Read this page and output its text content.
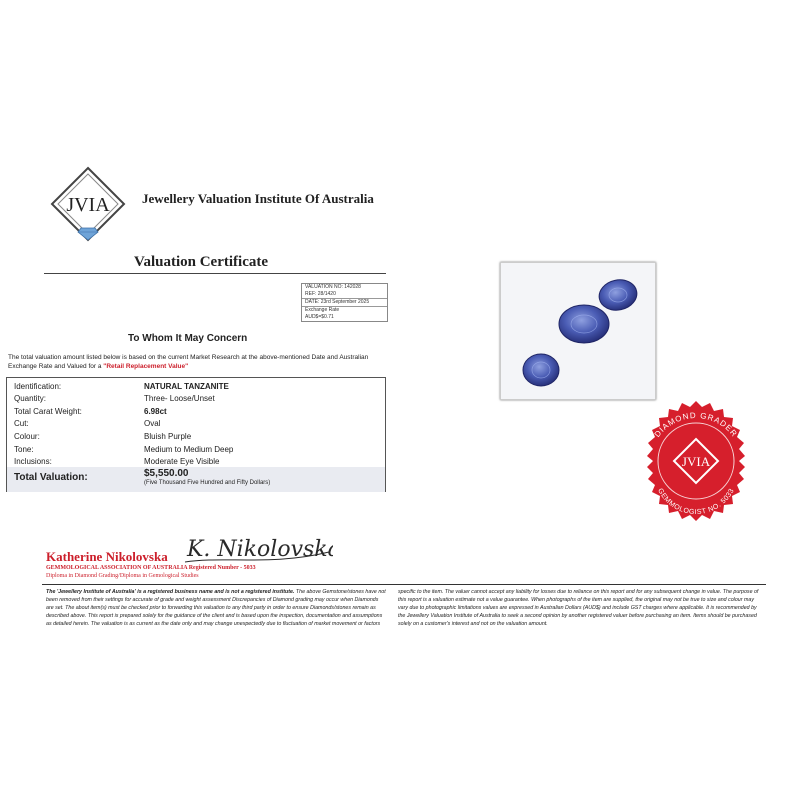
JVIA Jewellery Valuation Institute Of Australia
Valuation Certificate
VALUATION NO: 142028
REF: 28/1420
DATE: 23rd September 2025
Exchange Rate
AUD$=$0.71
To Whom It May Concern
The total valuation amount listed below is based on the current Market Research at the above-mentioned Date and Australian Exchange Rate and Valued for a "Retail Replacement Value"
Identification:	NATURAL TANZANITE
Quantity:	Three- Loose/Unset
Total Carat Weight:	6.98ct
Cut:	Oval
Colour:	Bluish Purple
Tone:	Medium to Medium Deep
Inclusions:	Moderate Eye Visible
Total Valuation:	$5,550.00
(Five Thousand Five Hundred and Fifty Dollars)
JVIA
DIAMOND GRADER
GEMMOLOGIST NO. 5033
Katherine Nikolovska K. Nikolovska
GEMMOLOGICAL ASSOCIATION OF AUSTRALIA Registered Number - 5033
Diploma in Diamond Grading/Diploma in Gemological Studies
The 'Jewellery Institute of Australia' is a registered business name and is not a registered institute. The above Gemstone/stones have not been removed from their settings for accurate of grade and weight assessment Discrepancies of Diamond grading may occur when Diamonds are set. The about item(s) must be checked prior to forwarding this valuation to any third party in order to ensure Diamonds/stones remain as described above. This report is prepared solely for the guidance of the client and is based upon the inspection, documentation and assumptions as detailed herein. The valuation is as current as the date only and may change unexpectedly due to fluctuation of market movement or factors
specific to the item. The valuer cannot accept any liability for losses due to reliance on this report and for any subsequent change in value. The purpose of this report is a valuation estimate not a value guarantee. When photographs of the item are supplied, the original may not be true to size and colour may vary due to photographic limitations values are expressed in Australian Dollars (AUD$) and include GST charges where applicable. It is recommended by the Jewellery Valuation Institute of Australia to seek a second opinion by another registered valuer before purchasing an item. Items should be purchased solely on a customer's interest and not on the valuation amount.
